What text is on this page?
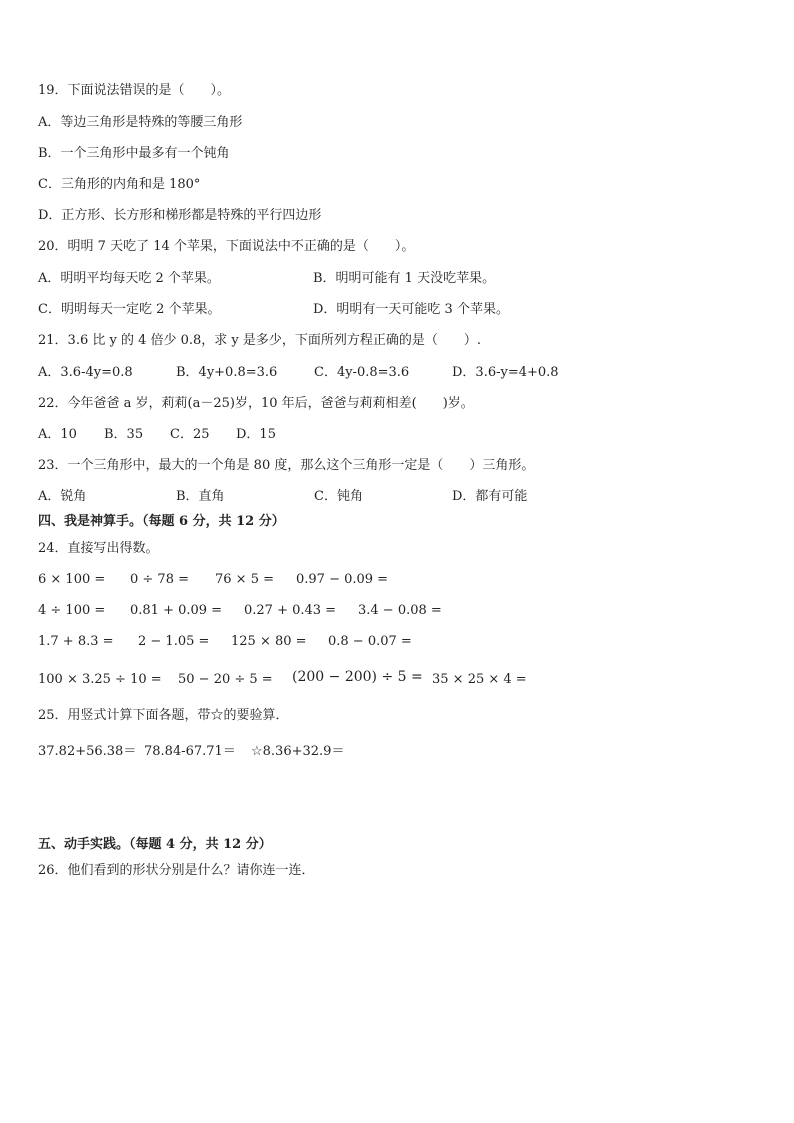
19．下面说法错误的是（　　）。
A．等边三角形是特殊的等腰三角形
B．一个三角形中最多有一个钝角
C．三角形的内角和是 180°
D．正方形、长方形和梯形都是特殊的平行四边形
20．明明 7 天吃了 14 个苹果，下面说法中不正确的是（　　）。
A．明明平均每天吃 2 个苹果。	B．明明可能有 1 天没吃苹果。
C．明明每天一定吃 2 个苹果。	D．明明有一天可能吃 3 个苹果。
21．3.6 比 y 的 4 倍少 0.8，求 y 是多少，下面所列方程正确的是（　　）.
A．3.6-4y=0.8	B．4y+0.8=3.6	C．4y-0.8=3.6	D．3.6-y=4+0.8
22．今年爸爸 a 岁，莉莉(a－25)岁，10 年后，爸爸与莉莉相差(　　)岁。
A．10 B．35 C．25 D．15
23．一个三角形中，最大的一个角是 80 度，那么这个三角形一定是（　　）三角形。
A．锐角	B．直角	C．钝角	D．都有可能
四、我是神算手。（每题 6 分，共 12 分）
24．直接写出得数。
6 × 100 = 0 ÷ 78 = 76 × 5 = 0.97 − 0.09 =
4 ÷ 100 = 0.81 + 0.09 = 0.27 + 0.43 = 3.4 − 0.08 =
1.7 + 8.3 = 2 − 1.05 = 125 × 80 = 0.8 − 0.07 =
100 × 3.25 ÷ 10 = 50 − 20 ÷ 5 = (200 − 200) ÷ 5 = 35 × 25 × 4 =
25．用竖式计算下面各题，带☆的要验算．
37.82+56.38＝ 78.84-67.71＝ ☆8.36+32.9＝
五、动手实践。（每题 4 分，共 12 分）
26．他们看到的形状分别是什么？请你连一连．
